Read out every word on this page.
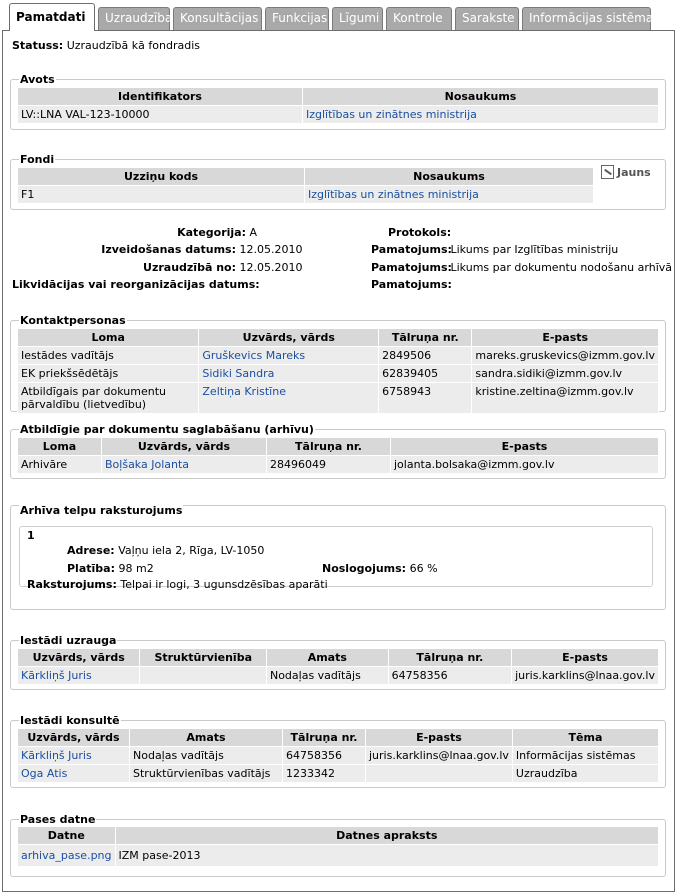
Pamatdati	Uzraudzība Konsultācijas	Funkcijas Līgumi	Kontrole	Sarakste	Informācijas sistēmas
Statuss: Uzraudzībā kā fondradis
Avots
Identifikators	Nosaukums
LV::LNA VAL-123-10000	Izglītības un zinātnes ministrija
Fondi
Uzziņu kods	Nosaukums
F1	Izglītības un zinātnes ministrija
Jauns
Kategorija: A
Izveidošanas datums: 12.05.2010
Uzraudzībā no: 12.05.2010
Likvidācijas vai reorganizācijas datums:
Protokols:
Pamatojums: Likums par Izglītības ministriju
Pamatojums: Likums par dokumentu nodošanu arhīvā
Pamatojums:
Kontaktpersonas
Loma	Uzvārds, vārds	Tālruņa nr.	E-pasts
Iestādes vadītājs	Gruškevics Mareks	2849506	mareks.gruskevics@izmm.gov.lv
EK priekšsēdētājs	Sidiki Sandra	62839405	sandra.sidiki@izmm.gov.lv
Atbildīgais par dokumentu pārvaldību (lietvedību)	Zeltiņa Kristīne	6758943	kristine.zeltina@izmm.gov.lv
Atbildīgie par dokumentu saglabāšanu (arhīvu)
Loma	Uzvārds, vārds	Tālruņa nr.	E-pasts
Arhivāre	Boļšaka Jolanta	28496049	jolanta.bolsaka@izmm.gov.lv
Arhīva telpu raksturojums
1
Adrese: Vaļņu iela 2, Rīga, LV-1050
Platība: 98 m2	Noslogojums: 66 %
Raksturojums: Telpai ir logi, 3 ugunsdzēsības aparāti
Iestādi uzrauga
Uzvārds, vārds	Struktūrvienība	Amats	Tālruņa nr.	E-pasts
Kārkliņš Juris		Nodaļas vadītājs	64758356	juris.karklins@lnaa.gov.lv
Iestādi konsultē
Uzvārds, vārds	Amats	Tālruņa nr.	E-pasts	Tēma
Kārkliņš Juris	Nodaļas vadītājs	64758356	juris.karklins@lnaa.gov.lv	Informācijas sistēmas
Oga Atis	Struktūrvienības vadītājs	1233342		Uzraudzība
Pases datne
Datne	Datnes apraksts
arhiva_pase.png	IZM pase-2013
